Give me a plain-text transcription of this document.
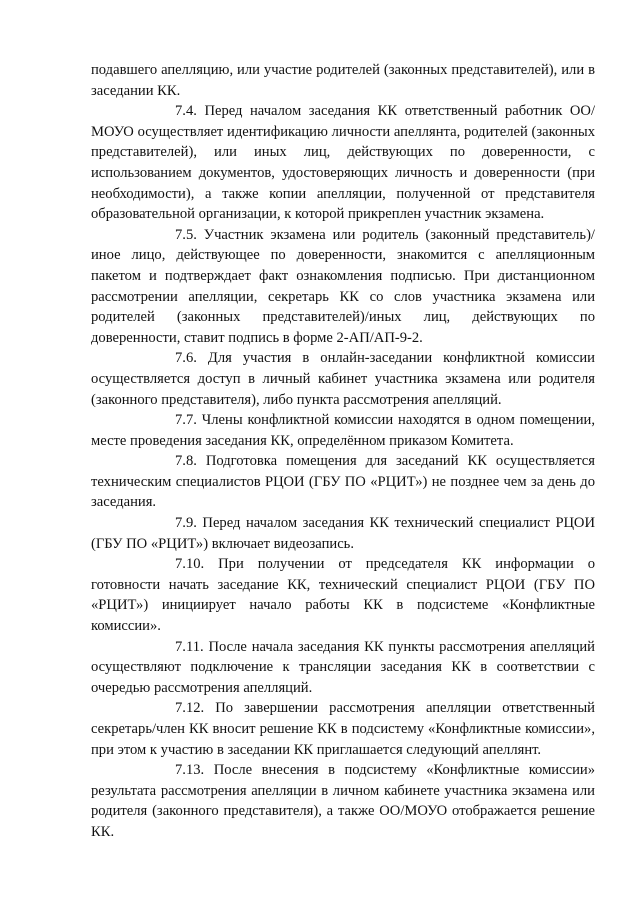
подавшего апелляцию, или участие родителей (законных представителей), или в заседании КК.

7.4. Перед началом заседания КК ответственный работник ОО/МОУО осуществляет идентификацию личности апеллянта, родителей (законных представителей), или иных лиц, действующих по доверенности, с использованием документов, удостоверяющих личность и доверенности (при необходимости), а также копии апелляции, полученной от представителя образовательной организации, к которой прикреплен участник экзамена.

7.5. Участник экзамена или родитель (законный представитель)/ иное лицо, действующее по доверенности, знакомится с апелляционным пакетом и подтверждает факт ознакомления подписью. При дистанционном рассмотрении апелляции, секретарь КК со слов участника экзамена или родителей (законных представителей)/иных лиц, действующих по доверенности, ставит подпись в форме 2-АП/АП-9-2.

7.6. Для участия в онлайн-заседании конфликтной комиссии осуществляется доступ в личный кабинет участника экзамена или родителя (законного представителя), либо пункта рассмотрения апелляций.

7.7. Члены конфликтной комиссии находятся в одном помещении, месте проведения заседания КК, определённом приказом Комитета.

7.8. Подготовка помещения для заседаний КК осуществляется техническим специалистов РЦОИ (ГБУ ПО «РЦИТ») не позднее чем за день до заседания.

7.9. Перед началом заседания КК технический специалист РЦОИ (ГБУ ПО «РЦИТ») включает видеозапись.

7.10. При получении от председателя КК информации о готовности начать заседание КК, технический специалист РЦОИ (ГБУ ПО «РЦИТ») инициирует начало работы КК в подсистеме «Конфликтные комиссии».

7.11. После начала заседания КК пункты рассмотрения апелляций осуществляют подключение к трансляции заседания КК в соответствии с очередью рассмотрения апелляций.

7.12. По завершении рассмотрения апелляции ответственный секретарь/член КК вносит решение КК в подсистему «Конфликтные комиссии», при этом к участию в заседании КК приглашается следующий апеллянт.

7.13. После внесения в подсистему «Конфликтные комиссии» результата рассмотрения апелляции в личном кабинете участника экзамена или родителя (законного представителя), а также ОО/МОУО отображается решение КК.
